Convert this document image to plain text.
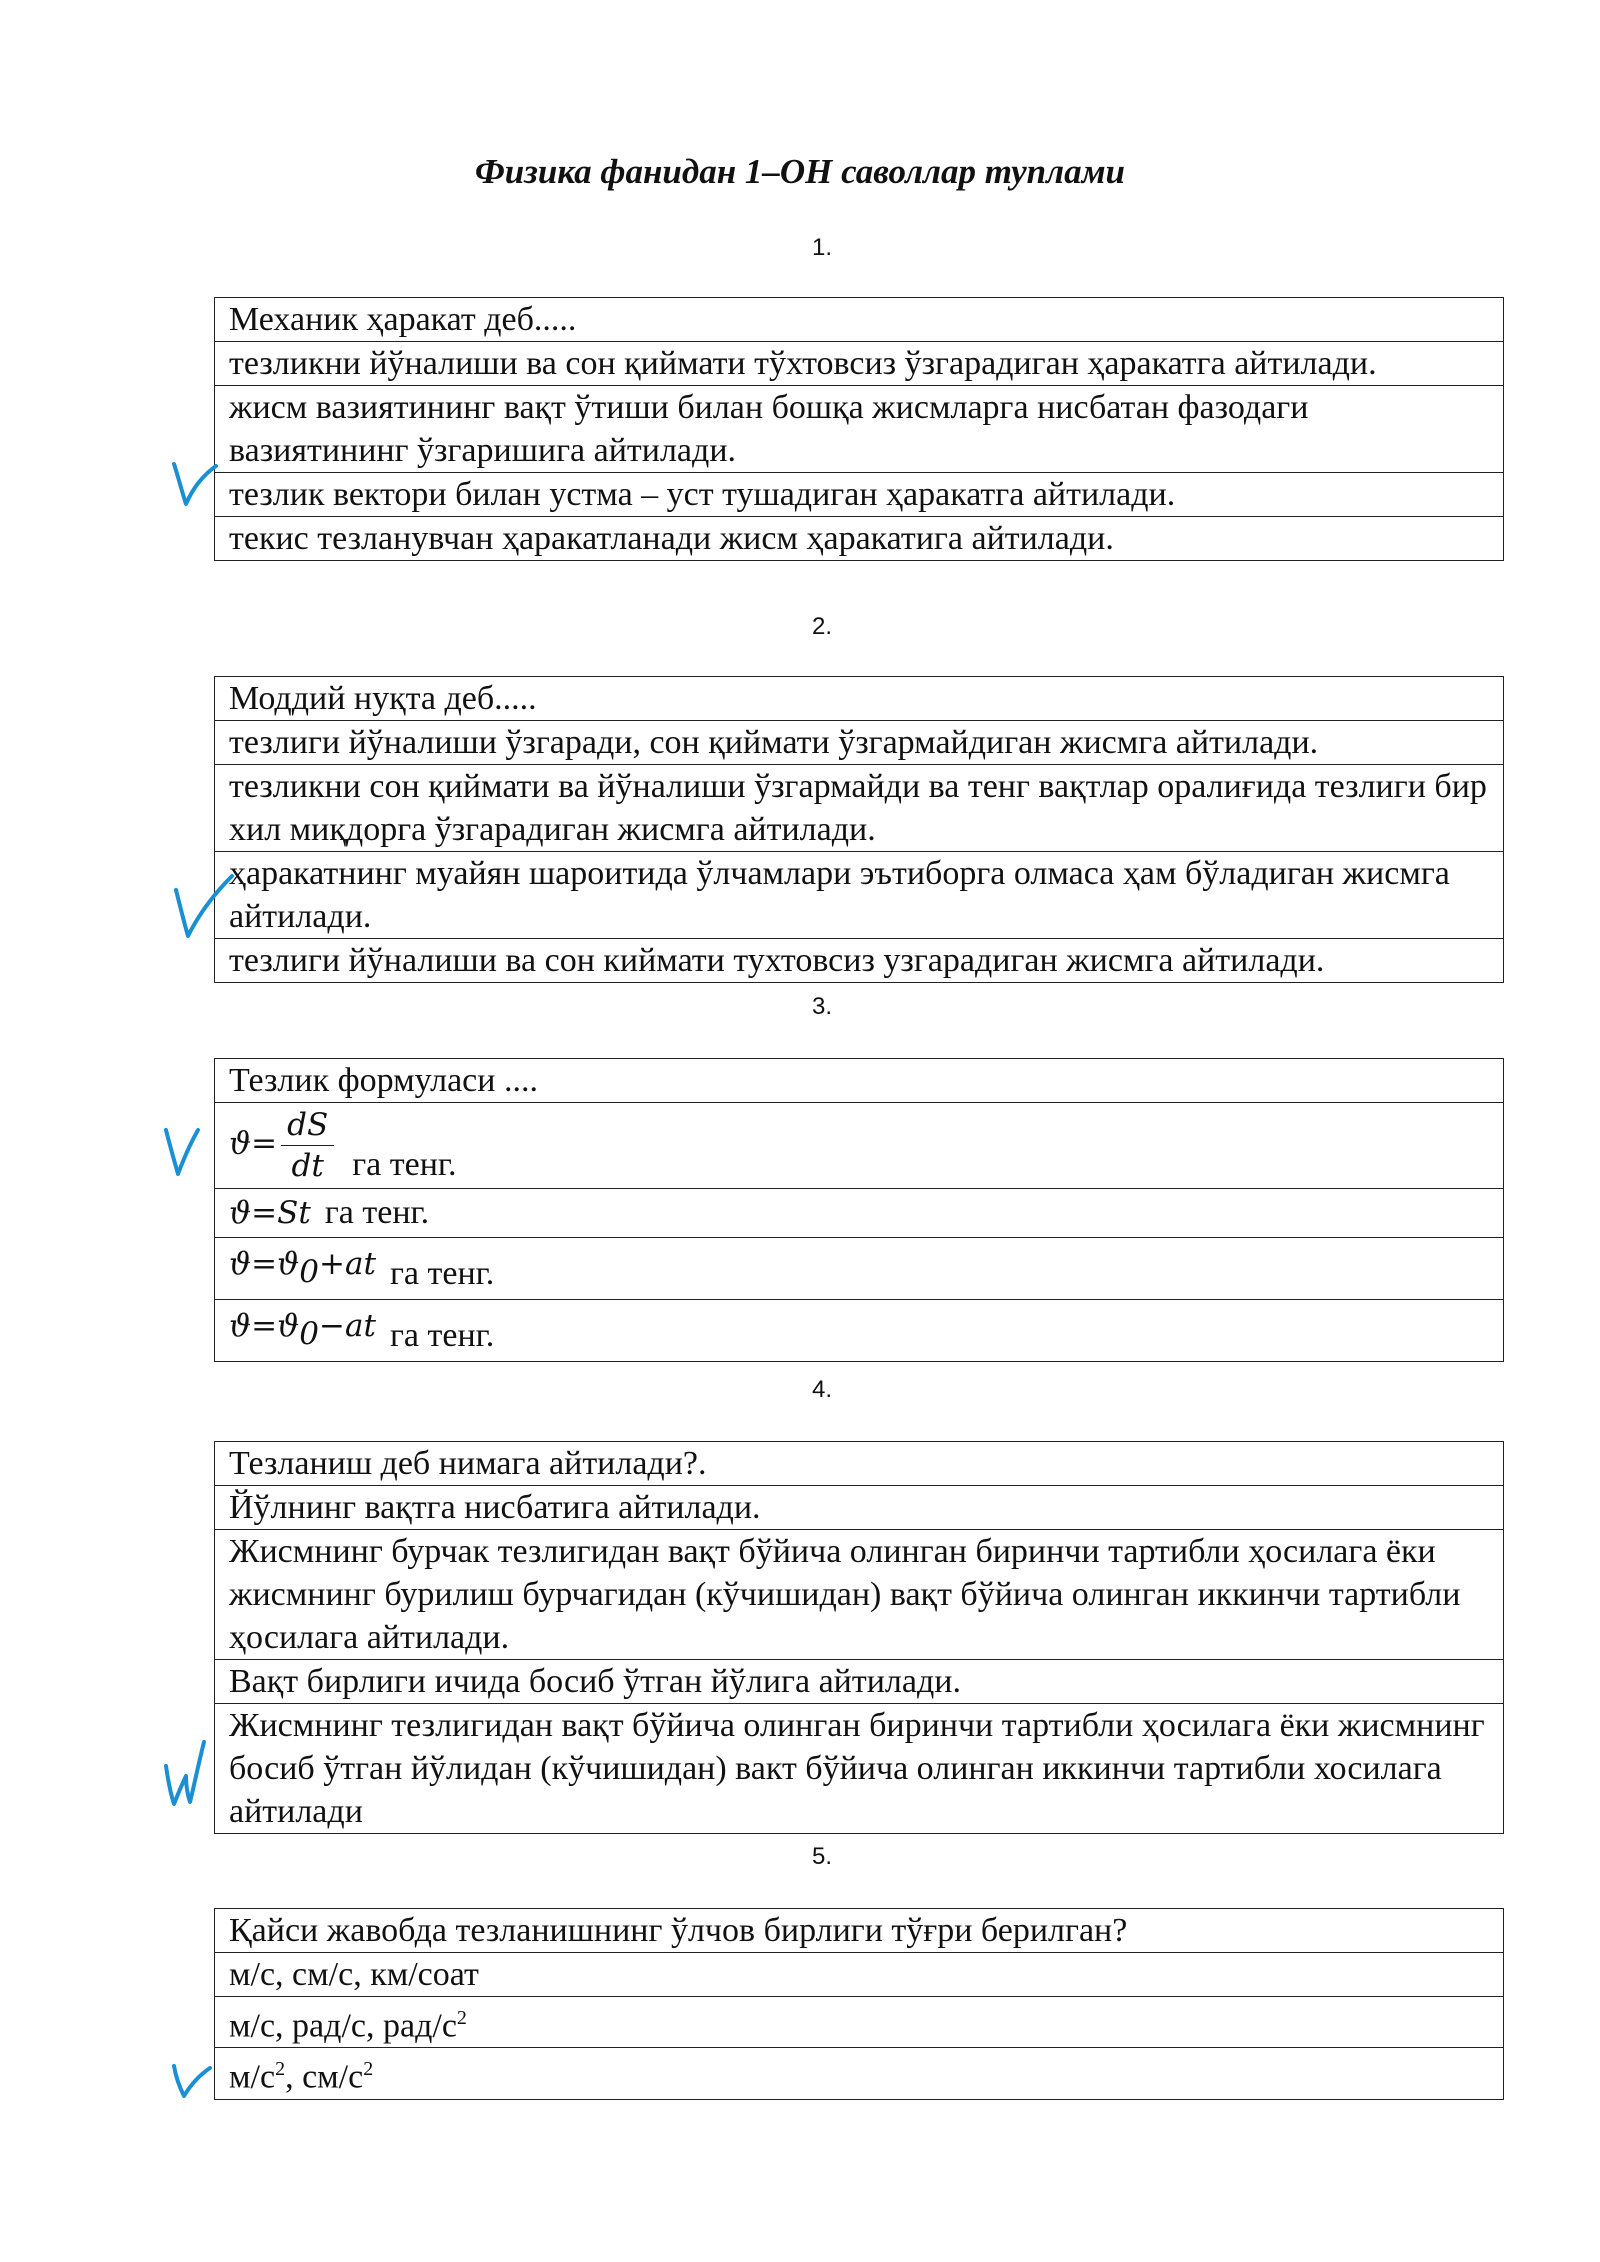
Физика фанидан 1–ОН саволлар туплами
1.
Механик ҳаракат деб.....
тезликни йўналиши ва сон қиймати тўхтовсиз ўзгарадиган ҳаракатга айтилади.
жисм вазиятининг вақт ўтиши билан бошқа жисмларга нисбатан фазодаги вазиятининг ўзгаришига айтилади.
тезлик вектори билан устма – уст тушадиган ҳаракатга айтилади.
текис тезланувчан ҳаракатланади жисм ҳаракатига айтилади.
2.
Моддий нуқта деб.....
тезлиги йўналиши ўзгаради, сон қиймати ўзгармайдиган жисмга айтилади.
тезликни сон қиймати ва йўналиши ўзгармайди ва тенг вақтлар оралиғида тезлиги бир хил миқдорга ўзгарадиган жисмга айтилади.
ҳаракатнинг муайян шароитида ўлчамлари эътиборга олмаса ҳам бўладиган жисмга айтилади.
тезлиги йўналиши ва сон киймати тухтовсиз узгарадиган жисмга айтилади.
3.
Тезлик формуласи ....
$ϑ= \frac{dS}{dt}$ га тенг.
ϑ=St га тенг.
$ϑ=ϑ_0+at$ га тенг.
$ϑ=ϑ_0-at$ га тенг.
4.
Тезланиш деб нимага айтилади?.
Йўлнинг вақтга нисбатига айтилади.
Жисмнинг бурчак тезлигидан вақт бўйича олинган биринчи тартибли ҳосилага ёки жисмнинг бурилиш бурчагидан (кўчишидан) вақт бўйича олинган иккинчи тартибли ҳосилага айтилади.
Вақт бирлиги ичида босиб ўтган йўлига айтилади.
Жисмнинг тезлигидан вақт бўйича олинган биринчи тартибли ҳосилага ёки жисмнинг босиб ўтган йўлидан (кўчишидан) вакт бўйича олинган иккинчи тартибли хосилага айтилади
5.
Қайси жавобда тезланишнинг ўлчов бирлиги тўғри берилган?
м/с, см/с, км/соат
м/с, рад/с, рад/$с^2$
$м/с^2$, $см/с^2$
